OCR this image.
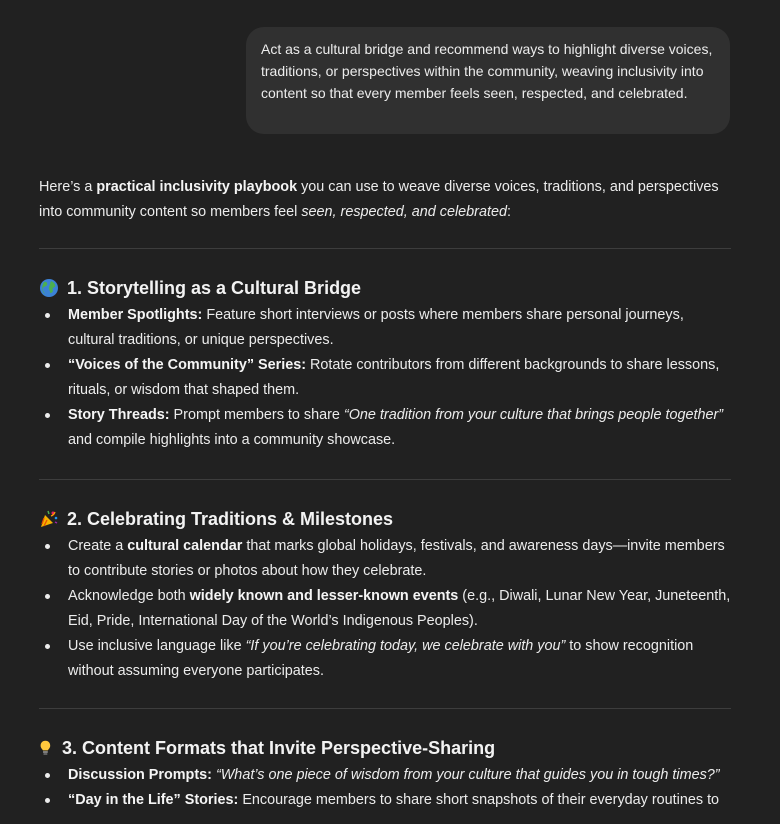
Act as a cultural bridge and recommend ways to highlight diverse voices, traditions, or perspectives within the community, weaving inclusivity into content so that every member feels seen, respected, and celebrated.

Here’s a practical inclusivity playbook you can use to weave diverse voices, traditions, and perspectives into community content so members feel seen, respected, and celebrated:

1. Storytelling as a Cultural Bridge
Member Spotlights: Feature short interviews or posts where members share personal journeys, cultural traditions, or unique perspectives.
“Voices of the Community” Series: Rotate contributors from different backgrounds to share lessons, rituals, or wisdom that shaped them.
Story Threads: Prompt members to share “One tradition from your culture that brings people together” and compile highlights into a community showcase.
2. Celebrating Traditions & Milestones
Create a cultural calendar that marks global holidays, festivals, and awareness days—invite members to contribute stories or photos about how they celebrate.
Acknowledge both widely known and lesser-known events (e.g., Diwali, Lunar New Year, Juneteenth, Eid, Pride, International Day of the World’s Indigenous Peoples).
Use inclusive language like “If you’re celebrating today, we celebrate with you” to show recognition without assuming everyone participates.
3. Content Formats that Invite Perspective-Sharing
Discussion Prompts: “What’s one piece of wisdom from your culture that guides you in tough times?”
“Day in the Life” Stories: Encourage members to share short snapshots of their everyday routines to
